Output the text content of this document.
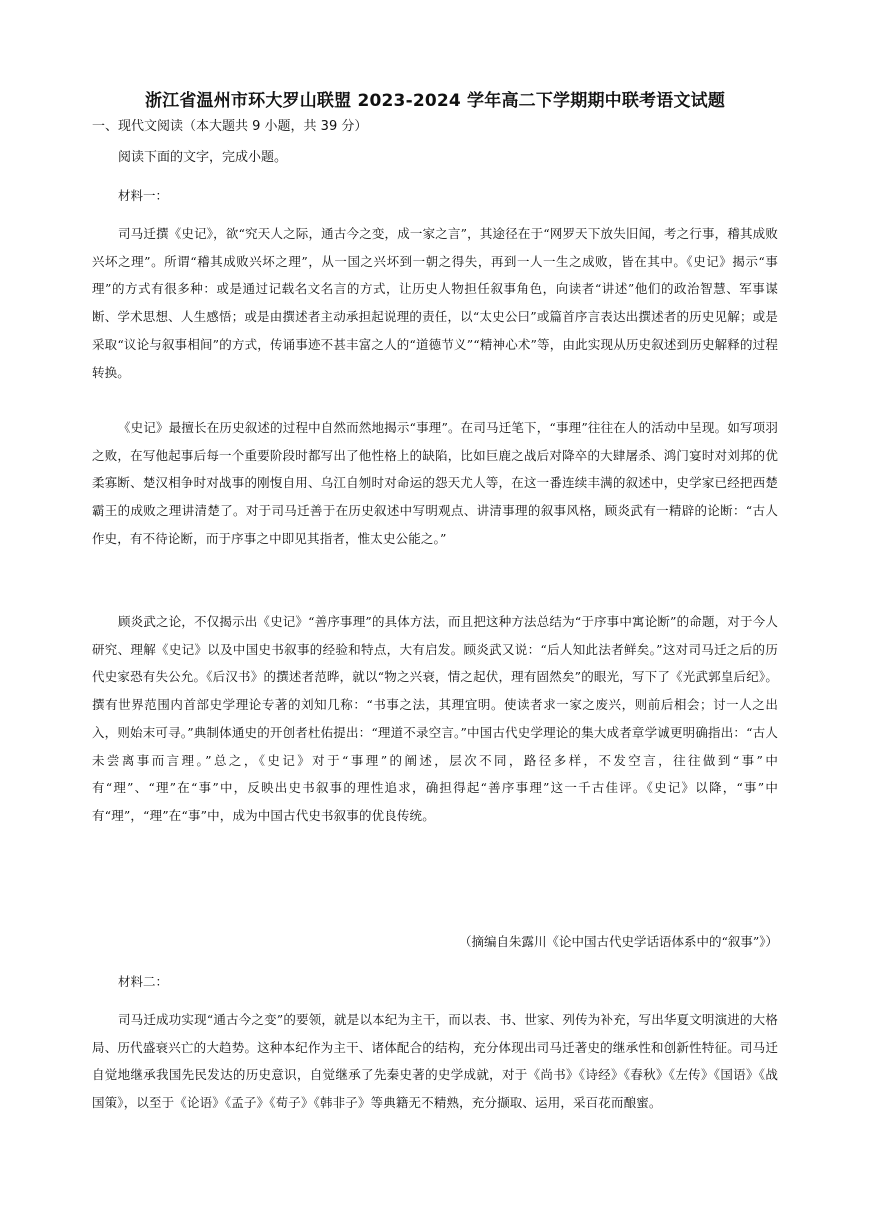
浙江省温州市环大罗山联盟 2023-2024 学年高二下学期期中联考语文试题
一、现代文阅读（本大题共 9 小题，共 39 分）
阅读下面的文字，完成小题。
材料一：

司马迁撰《史记》，欲“究天人之际，通古今之变，成一家之言”，其途径在于“网罗天下放失旧闻，考之行事，稽其成败兴坏之理”。所谓“稽其成败兴坏之理”，从一国之兴坏到一朝之得失，再到一人一生之成败，皆在其中。《史记》揭示“事理”的方式有很多种：或是通过记载名文名言的方式，让历史人物担任叙事角色，向读者“讲述”他们的政治智慧、军事谋断、学术思想、人生感悟；或是由撰述者主动承担起说理的责任，以“太史公曰”或篇首序言表达出撰述者的历史见解；或是采取“议论与叙事相间”的方式，传诵事迹不甚丰富之人的“道德节义”“精神心术”等，由此实现从历史叙述到历史解释的过程转换。

《史记》最擅长在历史叙述的过程中自然而然地揭示“事理”。在司马迁笔下，“事理”往往在人的活动中呈现。如写项羽之败，在写他起事后每一个重要阶段时都写出了他性格上的缺陷，比如巨鹿之战后对降卒的大肆屠杀、鸿门宴时对刘邦的优柔寡断、楚汉相争时对战事的刚愎自用、乌江自刎时对命运的怨天尤人等，在这一番连续丰满的叙述中，史学家已经把西楚霸王的成败之理讲清楚了。对于司马迁善于在历史叙述中写明观点、讲清事理的叙事风格，顾炎武有一精辟的论断：“古人作史，有不待论断，而于序事之中即见其指者，惟太史公能之。”

顾炎武之论，不仅揭示出《史记》“善序事理”的具体方法，而且把这种方法总结为“于序事中寓论断”的命题，对于今人研究、理解《史记》以及中国史书叙事的经验和特点，大有启发。顾炎武又说：“后人知此法者鲜矣。”这对司马迁之后的历代史家恐有失公允。《后汉书》的撰述者范晔，就以“物之兴衰，情之起伏，理有固然矣”的眼光，写下了《光武郭皇后纪》。撰有世界范围内首部史学理论专著的刘知几称：“书事之法，其理宜明。使读者求一家之废兴，则前后相会；讨一人之出入，则始末可寻。”典制体通史的开创者杜佑提出：“理道不录空言。”中国古代史学理论的集大成者章学诚更明确指出：“古人未尝离事而言理。”总之，《史记》对于“事理”的阐述，层次不同，路径多样，不发空言，往往做到“事”中有“理”、“理”在“事”中，反映出史书叙事的理性追求，确担得起“善序事理”这一千古佳评。《史记》以降，“事”中有“理”，“理”在“事”中，成为中国古代史书叙事的优良传统。

（摘编自朱露川《论中国古代史学话语体系中的“叙事”》）
材料二：

司马迁成功实现“通古今之变”的要领，就是以本纪为主干，而以表、书、世家、列传为补充，写出华夏文明演进的大格局、历代盛衰兴亡的大趋势。这种本纪作为主干、诸体配合的结构，充分体现出司马迁著史的继承性和创新性特征。司马迁自觉地继承我国先民发达的历史意识，自觉继承了先秦史著的史学成就，对于《尚书》《诗经》《春秋》《左传》《国语》《战国策》，以至于《论语》《孟子》《荀子》《韩非子》等典籍无不精熟，充分撷取、运用，采百花而酿蜜。
